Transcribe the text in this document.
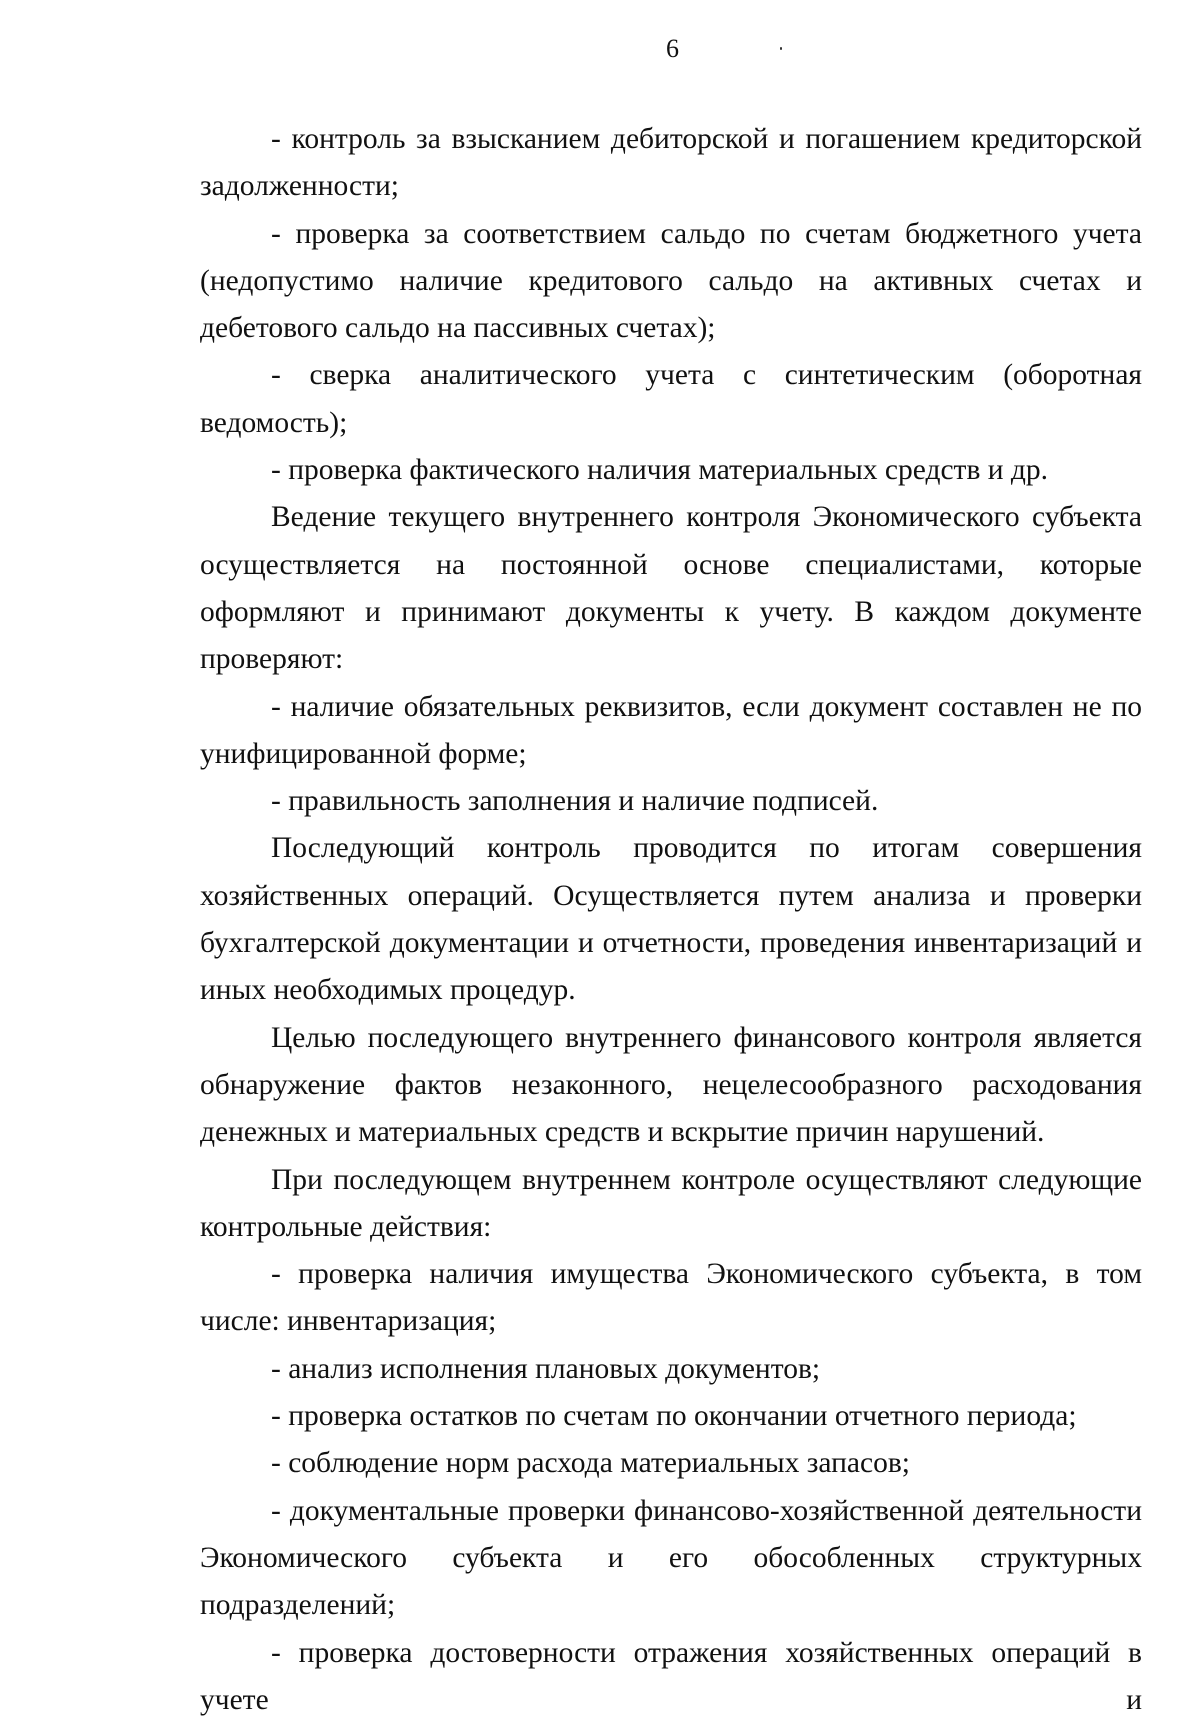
6

- контроль за взысканием дебиторской и погашением кредиторской задолженности;

- проверка за соответствием сальдо по счетам бюджетного учета (недопустимо наличие кредитового сальдо на активных счетах и дебетового сальдо на пассивных счетах);

- сверка аналитического учета с синтетическим (оборотная ведомость);

- проверка фактического наличия материальных средств и др.

Ведение текущего внутреннего контроля Экономического субъекта осуществляется на постоянной основе специалистами, которые оформляют и принимают документы к учету. В каждом документе проверяют:

- наличие обязательных реквизитов, если документ составлен не по унифицированной форме;

- правильность заполнения и наличие подписей.

Последующий контроль проводится по итогам совершения хозяйственных операций. Осуществляется путем анализа и проверки бухгалтерской документации и отчетности, проведения инвентаризаций и иных необходимых процедур.

Целью последующего внутреннего финансового контроля является обнаружение фактов незаконного, нецелесообразного расходования денежных и материальных средств и вскрытие причин нарушений.

При последующем внутреннем контроле осуществляют следующие контрольные действия:

- проверка наличия имущества Экономического субъекта, в том числе: инвентаризация;

- анализ исполнения плановых документов;

- проверка остатков по счетам по окончании отчетного периода;

- соблюдение норм расхода материальных запасов;

- документальные проверки финансово-хозяйственной деятельности Экономического субъекта и его обособленных структурных подразделений;

- проверка достоверности отражения хозяйственных операций в учете и
